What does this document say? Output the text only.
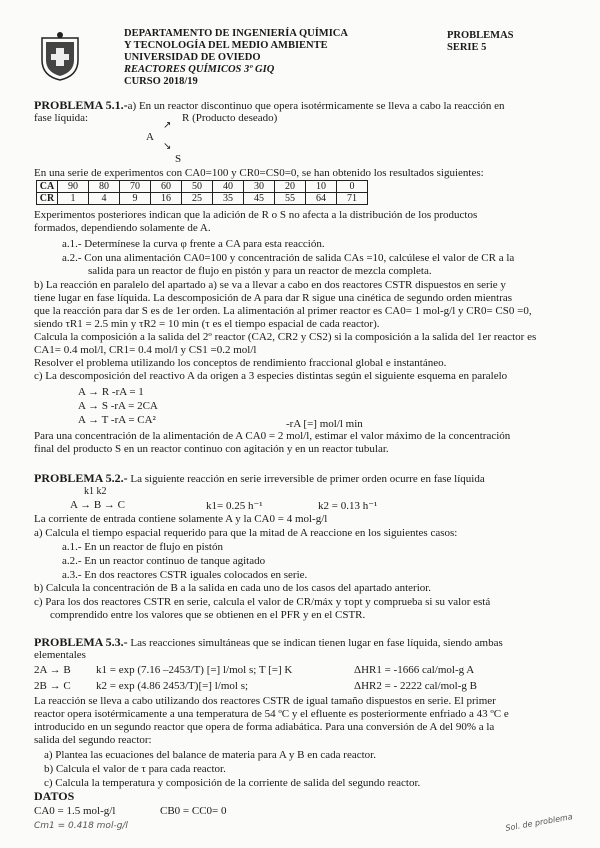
DEPARTAMENTO DE INGENIERÍA QUÍMICA
Y TECNOLOGÍA DEL MEDIO AMBIENTE
UNIVERSIDAD DE OVIEDO
REACTORES QUÍMICOS 3º GIQ
CURSO 2018/19
PROBLEMAS
SERIE 5
PROBLEMA 5.1.-a) En un reactor discontinuo que opera isotérmicamente se lleva a cabo la reacción en
fase líquida:	R (Producto deseado)
↗
A
↘
S
En una serie de experimentos con CA0=100 y CR0=CS0=0, se han obtenido los resultados siguientes:
CA	90	80	70	60	50	40	30	20	10	0
CR	1	4	9	16	25	35	45	55	64	71
Experimentos posteriores indican que la adición de R o S no afecta a la distribución de los productos
formados, dependiendo solamente de A.
a.1.- Determínese la curva φ frente a CA para esta reacción.
a.2.- Con una alimentación CA0=100 y concentración de salida CAs =10, calcúlese el valor de CR a la
salida para un reactor de flujo en pistón y para un reactor de mezcla completa.
b) La reacción en paralelo del apartado a) se va a llevar a cabo en dos reactores CSTR dispuestos en serie y
tiene lugar en fase líquida. La descomposición de A para dar R sigue una cinética de segundo orden mientras
que la reacción para dar S es de 1er orden. La alimentación al primer reactor es CA0= 1 mol-g/l y CR0= CS0 =0,
siendo τR1 = 2.5 min y τR2 = 10 min (τ es el tiempo espacial de cada reactor).
Calcula la composición a la salida del 2º reactor (CA2, CR2 y CS2) si la composición a la salida del 1er reactor es
CA1= 0.4 mol/l, CR1= 0.4 mol/l y CS1 =0.2 mol/l
Resolver el problema utilizando los conceptos de rendimiento fraccional global e instantáneo.
c) La descomposición del reactivo A da origen a 3 especies distintas según el siguiente esquema en paralelo
A → R -rA = 1
A → S -rA = 2CA
A → T -rA = CA²	-rA [=] mol/l min
Para una concentración de la alimentación de A CA0 = 2 mol/l, estimar el valor máximo de la concentración
final del producto S en un reactor continuo con agitación y en un reactor tubular.
PROBLEMA 5.2.- La siguiente reacción en serie irreversible de primer orden ocurre en fase líquida
k1 k2
A → B → C	k1= 0.25 h⁻¹	k2 = 0.13 h⁻¹
La corriente de entrada contiene solamente A y la CA0 = 4 mol-g/l
a) Calcula el tiempo espacial requerido para que la mitad de A reaccione en los siguientes casos:
a.1.- En un reactor de flujo en pistón
a.2.- En un reactor continuo de tanque agitado
a.3.- En dos reactores CSTR iguales colocados en serie.
b) Calcula la concentración de B a la salida en cada uno de los casos del apartado anterior.
c) Para los dos reactores CSTR en serie, calcula el valor de CR/máx y τopt y comprueba si su valor está
comprendido entre los valores que se obtienen en el PFR y en el CSTR.
PROBLEMA 5.3.- Las reacciones simultáneas que se indican tienen lugar en fase líquida, siendo ambas
elementales
2A → B k1 = exp (7.16 –2453/T) [=] l/mol s; T [=] K	ΔHR1 = -1666 cal/mol-g A
2B → C k2 = exp (4.86 2453/T)[=] l/mol s;	ΔHR2 = - 2222 cal/mol-g B
La reacción se lleva a cabo utilizando dos reactores CSTR de igual tamaño dispuestos en serie. El primer
reactor opera isotérmicamente a una temperatura de 54 ºC y el efluente es posteriormente enfriado a 43 ºC e
introducido en un segundo reactor que opera de forma adiabática. Para una conversión de A del 90% a la
salida del segundo reactor:
a) Plantea las ecuaciones del balance de materia para A y B en cada reactor.
b) Calcula el valor de τ para cada reactor.
c) Calcula la temperatura y composición de la corriente de salida del segundo reactor.
DATOS
CA0 = 1.5 mol-g/l	CB0 = CC0= 0
Cm1 = 0.418 mol-g/l	Sol. de problema
